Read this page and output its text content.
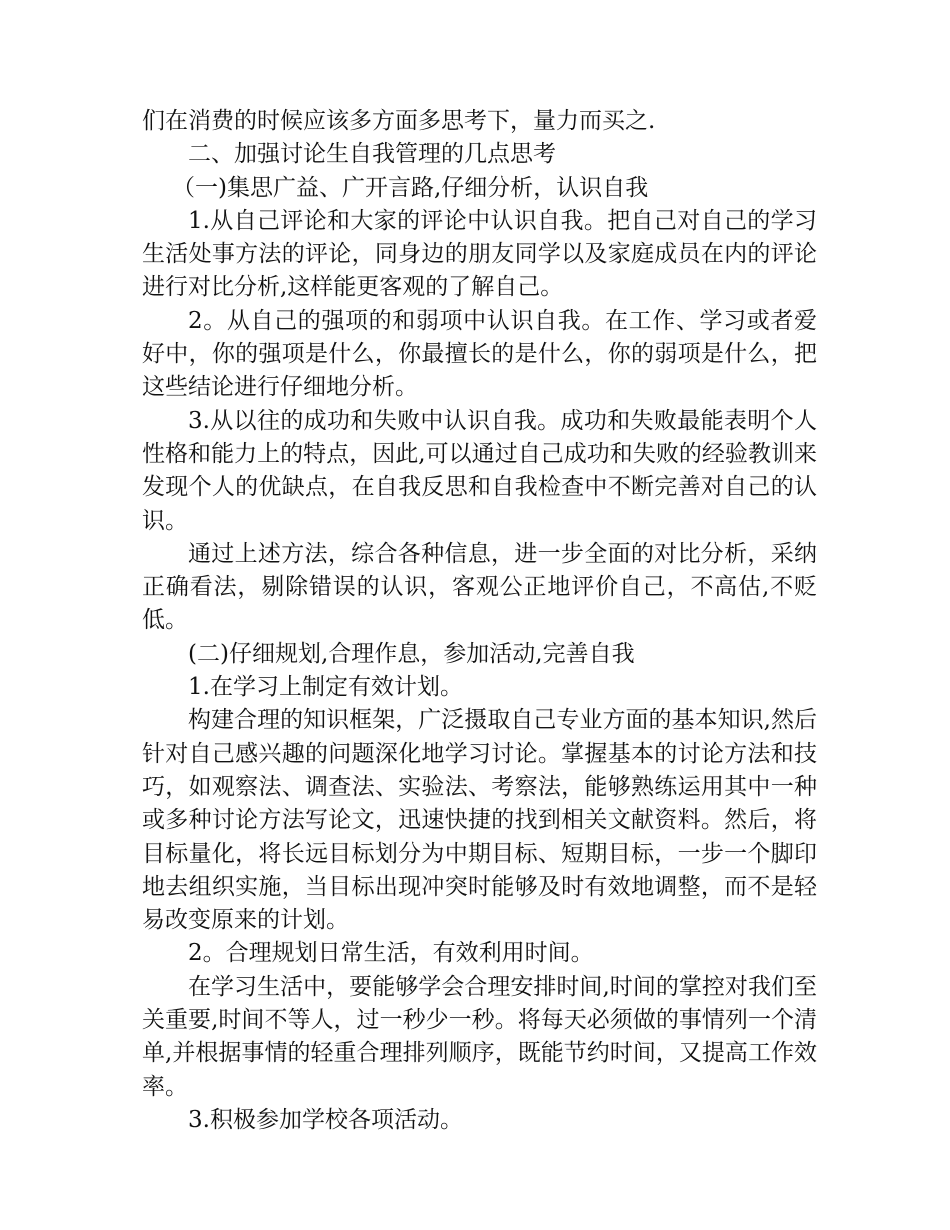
们在消费的时候应该多方面多思考下，量力而买之.

二、加强讨论生自我管理的几点思考

（一)集思广益、广开言路,仔细分析，认识自我

1.从自己评论和大家的评论中认识自我。把自己对自己的学习生活处事方法的评论，同身边的朋友同学以及家庭成员在内的评论进行对比分析,这样能更客观的了解自己。

2。从自己的强项的和弱项中认识自我。在工作、学习或者爱好中，你的强项是什么，你最擅长的是什么，你的弱项是什么，把这些结论进行仔细地分析。

3.从以往的成功和失败中认识自我。成功和失败最能表明个人性格和能力上的特点，因此,可以通过自己成功和失败的经验教训来发现个人的优缺点，在自我反思和自我检查中不断完善对自己的认识。

通过上述方法，综合各种信息，进一步全面的对比分析，采纳正确看法，剔除错误的认识，客观公正地评价自己，不高估,不贬低。

(二)仔细规划,合理作息，参加活动,完善自我

1.在学习上制定有效计划。

构建合理的知识框架，广泛摄取自己专业方面的基本知识,然后针对自己感兴趣的问题深化地学习讨论。掌握基本的讨论方法和技巧，如观察法、调查法、实验法、考察法，能够熟练运用其中一种或多种讨论方法写论文，迅速快捷的找到相关文献资料。然后，将目标量化，将长远目标划分为中期目标、短期目标，一步一个脚印地去组织实施，当目标出现冲突时能够及时有效地调整，而不是轻易改变原来的计划。

2。合理规划日常生活，有效利用时间。

在学习生活中，要能够学会合理安排时间,时间的掌控对我们至关重要,时间不等人，过一秒少一秒。将每天必须做的事情列一个清单,并根据事情的轻重合理排列顺序，既能节约时间，又提高工作效率。

3.积极参加学校各项活动。
